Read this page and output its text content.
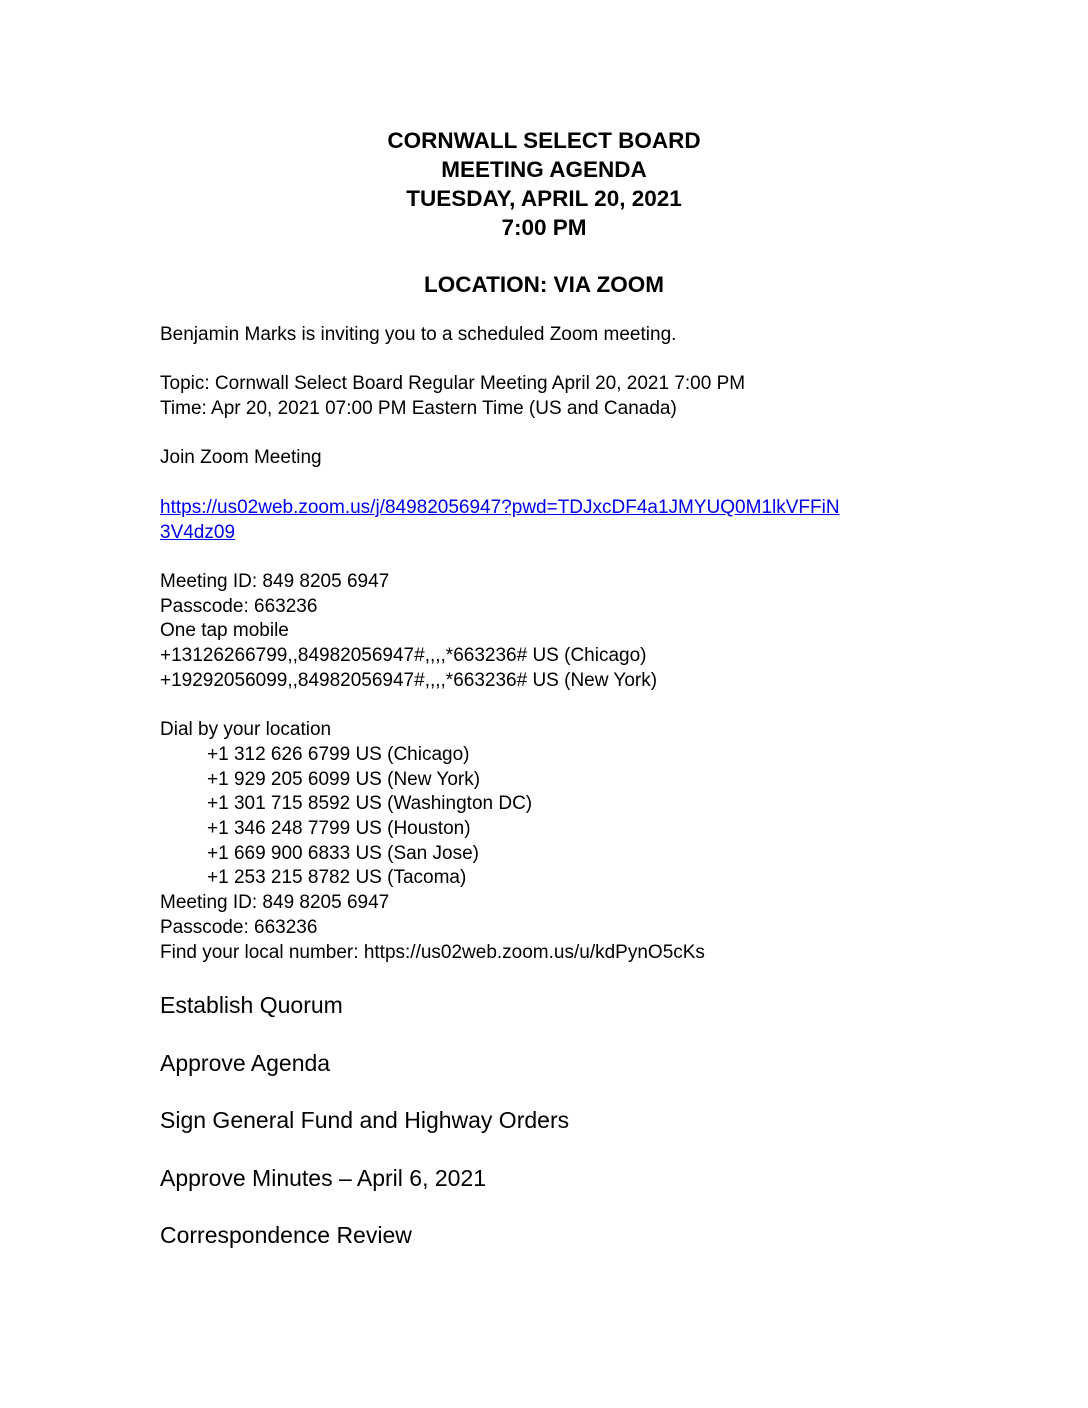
CORNWALL SELECT BOARD
MEETING AGENDA
TUESDAY, APRIL 20, 2021
7:00 PM
LOCATION: VIA ZOOM

Benjamin Marks is inviting you to a scheduled Zoom meeting.

Topic: Cornwall Select Board Regular Meeting April 20, 2021 7:00 PM

Time: Apr 20, 2021 07:00 PM Eastern Time (US and Canada)

Join Zoom Meeting

https://us02web.zoom.us/j/84982056947?pwd=TDJxcDF4a1JMYUQ0M1lkVFFiN
3V4dz09

Meeting ID: 849 8205 6947

Passcode: 663236

One tap mobile

+13126266799,,84982056947#,,,,*663236# US (Chicago)

+19292056099,,84982056947#,,,,*663236# US (New York)

Dial by your location

+1 312 626 6799 US (Chicago)

+1 929 205 6099 US (New York)

+1 301 715 8592 US (Washington DC)

+1 346 248 7799 US (Houston)

+1 669 900 6833 US (San Jose)

+1 253 215 8782 US (Tacoma)

Meeting ID: 849 8205 6947

Passcode: 663236

Find your local number: https://us02web.zoom.us/u/kdPynO5cKs

Establish Quorum
Approve Agenda
Sign General Fund and Highway Orders
Approve Minutes – April 6, 2021
Correspondence Review
